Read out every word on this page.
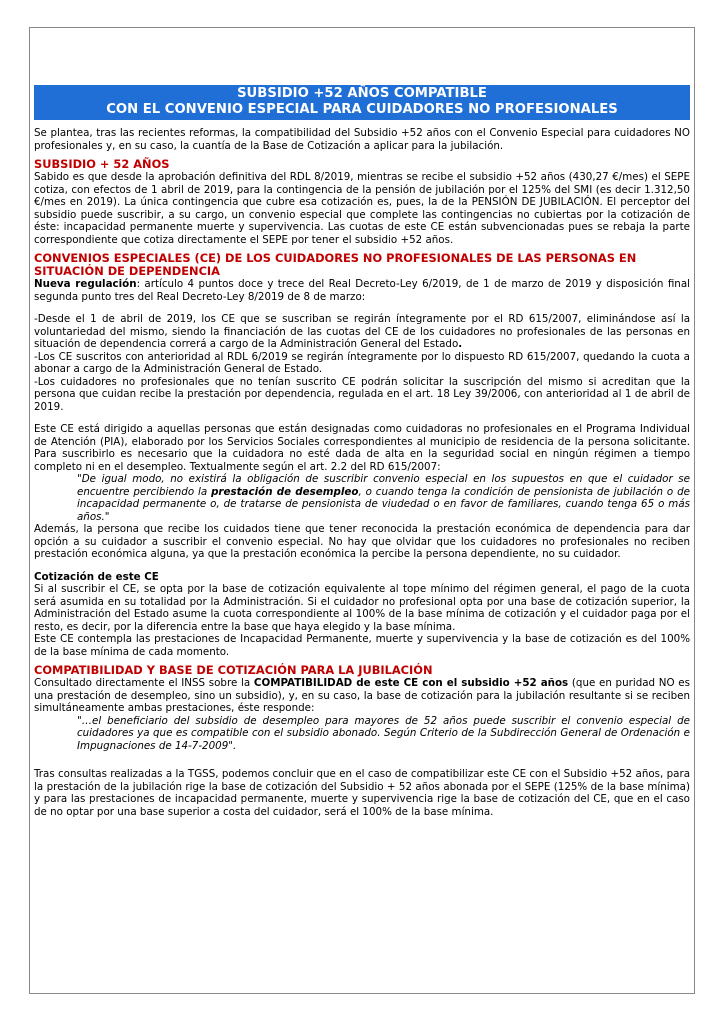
SUBSIDIO +52 AÑOS COMPATIBLE
CON EL CONVENIO ESPECIAL PARA CUIDADORES NO PROFESIONALES

Se plantea, tras las recientes reformas, la compatibilidad del Subsidio +52 años con el Convenio Especial para cuidadores NO profesionales y, en su caso, la cuantía de la Base de Cotización a aplicar para la jubilación.

SUBSIDIO + 52 AÑOS

Sabido es que desde la aprobación definitiva del RDL 8/2019, mientras se recibe el subsidio +52 años (430,27 €/mes) el SEPE cotiza, con efectos de 1 abril de 2019, para la contingencia de la pensión de jubilación por el 125% del SMI (es decir 1.312,50 €/mes en 2019). La única contingencia que cubre esa cotización es, pues, la de la PENSIÓN DE JUBILACIÓN. El perceptor del subsidio puede suscribir, a su cargo, un convenio especial que complete las contingencias no cubiertas por la cotización de éste: incapacidad permanente muerte y supervivencia. Las cuotas de este CE están subvencionadas pues se rebaja la parte correspondiente que cotiza directamente el SEPE por tener el subsidio +52 años.

CONVENIOS ESPECIALES (CE) DE LOS CUIDADORES NO PROFESIONALES DE LAS PERSONAS EN SITUACIÓN DE DEPENDENCIA

Nueva regulación: artículo 4 puntos doce y trece del Real Decreto-Ley 6/2019, de 1 de marzo de 2019 y disposición final segunda punto tres del Real Decreto-Ley 8/2019 de 8 de marzo:

-Desde el 1 de abril de 2019, los CE que se suscriban se regirán íntegramente por el RD 615/2007, eliminándose así la voluntariedad del mismo, siendo la financiación de las cuotas del CE de los cuidadores no profesionales de las personas en situación de dependencia correrá a cargo de la Administración General del Estado.

-Los CE suscritos con anterioridad al RDL 6/2019 se regirán íntegramente por lo dispuesto RD 615/2007, quedando la cuota a abonar a cargo de la Administración General de Estado.

-Los cuidadores no profesionales que no tenían suscrito CE podrán solicitar la suscripción del mismo si acreditan que la persona que cuidan recibe la prestación por dependencia, regulada en el art. 18 Ley 39/2006, con anterioridad al 1 de abril de 2019.

Este CE está dirigido a aquellas personas que están designadas como cuidadoras no profesionales en el Programa Individual de Atención (PIA), elaborado por los Servicios Sociales correspondientes al municipio de residencia de la persona solicitante. Para suscribirlo es necesario que la cuidadora no esté dada de alta en la seguridad social en ningún régimen a tiempo completo ni en el desempleo. Textualmente según el art. 2.2 del RD 615/2007:

"De igual modo, no existirá la obligación de suscribir convenio especial en los supuestos en que el cuidador se encuentre percibiendo la prestación de desempleo, o cuando tenga la condición de pensionista de jubilación o de incapacidad permanente o, de tratarse de pensionista de viudedad o en favor de familiares, cuando tenga 65 o más años."

Además, la persona que recibe los cuidados tiene que tener reconocida la prestación económica de dependencia para dar opción a su cuidador a suscribir el convenio especial. No hay que olvidar que los cuidadores no profesionales no reciben prestación económica alguna, ya que la prestación económica la percibe la persona dependiente, no su cuidador.

Cotización de este CE

Si al suscribir el CE, se opta por la base de cotización equivalente al tope mínimo del régimen general, el pago de la cuota será asumida en su totalidad por la Administración. Si el cuidador no profesional opta por una base de cotización superior, la Administración del Estado asume la cuota correspondiente al 100% de la base mínima de cotización y el cuidador paga por el resto, es decir, por la diferencia entre la base que haya elegido y la base mínima.

Este CE contempla las prestaciones de Incapacidad Permanente, muerte y supervivencia y la base de cotización es del 100% de la base mínima de cada momento.

COMPATIBILIDAD Y BASE DE COTIZACIÓN PARA LA JUBILACIÓN

Consultado directamente el INSS sobre la COMPATIBILIDAD de este CE con el subsidio +52 años (que en puridad NO es una prestación de desempleo, sino un subsidio), y, en su caso, la base de cotización para la jubilación resultante si se reciben simultáneamente ambas prestaciones, éste responde:

"…el beneficiario del subsidio de desempleo para mayores de 52 años puede suscribir el convenio especial de cuidadores ya que es compatible con el subsidio abonado. Según Criterio de la Subdirección General de Ordenación e Impugnaciones de 14-7-2009".

Tras consultas realizadas a la TGSS, podemos concluir que en el caso de compatibilizar este CE con el Subsidio +52 años, para la prestación de la jubilación rige la base de cotización del Subsidio + 52 años abonada por el SEPE (125% de la base mínima) y para las prestaciones de incapacidad permanente, muerte y supervivencia rige la base de cotización del CE, que en el caso de no optar por una base superior a costa del cuidador, será el 100% de la base mínima.
